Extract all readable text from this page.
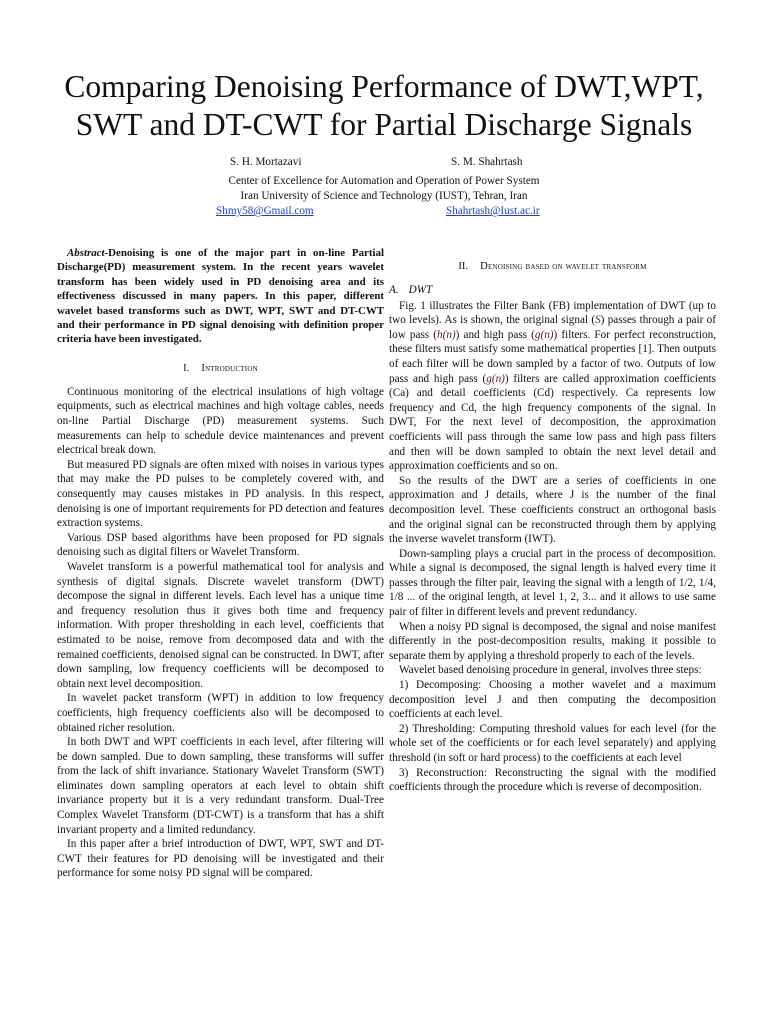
Comparing Denoising Performance of DWT,WPT, SWT and DT-CWT for Partial Discharge Signals
S. H. Mortazavi	S. M. Shahrtash
Center of Excellence for Automation and Operation of Power System
Iran University of Science and Technology (IUST), Tehran, Iran
Shmy58@Gmail.com	Shahrtash@Iust.ac.ir

Abstract-Denoising is one of the major part in on-line Partial Discharge(PD) measurement system. In the recent years wavelet transform has been widely used in PD denoising area and its effectiveness discussed in many papers. In this paper, different wavelet based transforms such as DWT, WPT, SWT and DT-CWT and their performance in PD signal denoising with definition proper criteria have been investigated.

I. Introduction

Continuous monitoring of the electrical insulations of high voltage equipments, such as electrical machines and high voltage cables, needs on-line Partial Discharge (PD) measurement systems. Such measurements can help to schedule device maintenances and prevent electrical break down.

But measured PD signals are often mixed with noises in various types that may make the PD pulses to be completely covered with, and consequently may causes mistakes in PD analysis. In this respect, denoising is one of important requirements for PD detection and features extraction systems.

Various DSP based algorithms have been proposed for PD signals denoising such as digital filters or Wavelet Transform.

Wavelet transform is a powerful mathematical tool for analysis and synthesis of digital signals. Discrete wavelet transform (DWT) decompose the signal in different levels. Each level has a unique time and frequency resolution thus it gives both time and frequency information. With proper thresholding in each level, coefficients that estimated to be noise, remove from decomposed data and with the remained coefficients, denoised signal can be constructed. In DWT, after down sampling, low frequency coefficients will be decomposed to obtain next level decomposition.

In wavelet packet transform (WPT) in addition to low frequency coefficients, high frequency coefficients also will be decomposed to obtained richer resolution.

In both DWT and WPT coefficients in each level, after filtering will be down sampled. Due to down sampling, these transforms will suffer from the lack of shift invariance. Stationary Wavelet Transform (SWT) eliminates down sampling operators at each level to obtain shift invariance property but it is a very redundant transform. Dual-Tree Complex Wavelet Transform (DT-CWT) is a transform that has a shift invariant property and a limited redundancy.

In this paper after a brief introduction of DWT, WPT, SWT and DT-CWT their features for PD denoising will be investigated and their performance for some noisy PD signal will be compared.

II. Denoising based on wavelet transform
A. DWT

Fig. 1 illustrates the Filter Bank (FB) implementation of DWT (up to two levels). As is shown, the original signal (S) passes through a pair of low pass (h(n)) and high pass (g(n)) filters. For perfect reconstruction, these filters must satisfy some mathematical properties [1]. Then outputs of each filter will be down sampled by a factor of two. Outputs of low pass and high pass (g(n)) filters are called approximation coefficients (Ca) and detail coefficients (Cd) respectively. Ca represents low frequency and Cd, the high frequency components of the signal. In DWT, For the next level of decomposition, the approximation coefficients will pass through the same low pass and high pass filters and then will be down sampled to obtain the next level detail and approximation coefficients and so on.

So the results of the DWT are a series of coefficients in one approximation and J details, where J is the number of the final decomposition level. These coefficients construct an orthogonal basis and the original signal can be reconstructed through them by applying the inverse wavelet transform (IWT).

Down-sampling plays a crucial part in the process of decomposition. While a signal is decomposed, the signal length is halved every time it passes through the filter pair, leaving the signal with a length of 1/2, 1/4, 1/8 ... of the original length, at level 1, 2, 3... and it allows to use same pair of filter in different levels and prevent redundancy.

When a noisy PD signal is decomposed, the signal and noise manifest differently in the post-decomposition results, making it possible to separate them by applying a threshold properly to each of the levels.

Wavelet based denoising procedure in general, involves three steps:

1) Decomposing: Choosing a mother wavelet and a maximum decomposition level J and then computing the decomposition coefficients at each level.

2) Thresholding: Computing threshold values for each level (for the whole set of the coefficients or for each level separately) and applying threshold (in soft or hard process) to the coefficients at each level

3) Reconstruction: Reconstructing the signal with the modified coefficients through the procedure which is reverse of decomposition.
